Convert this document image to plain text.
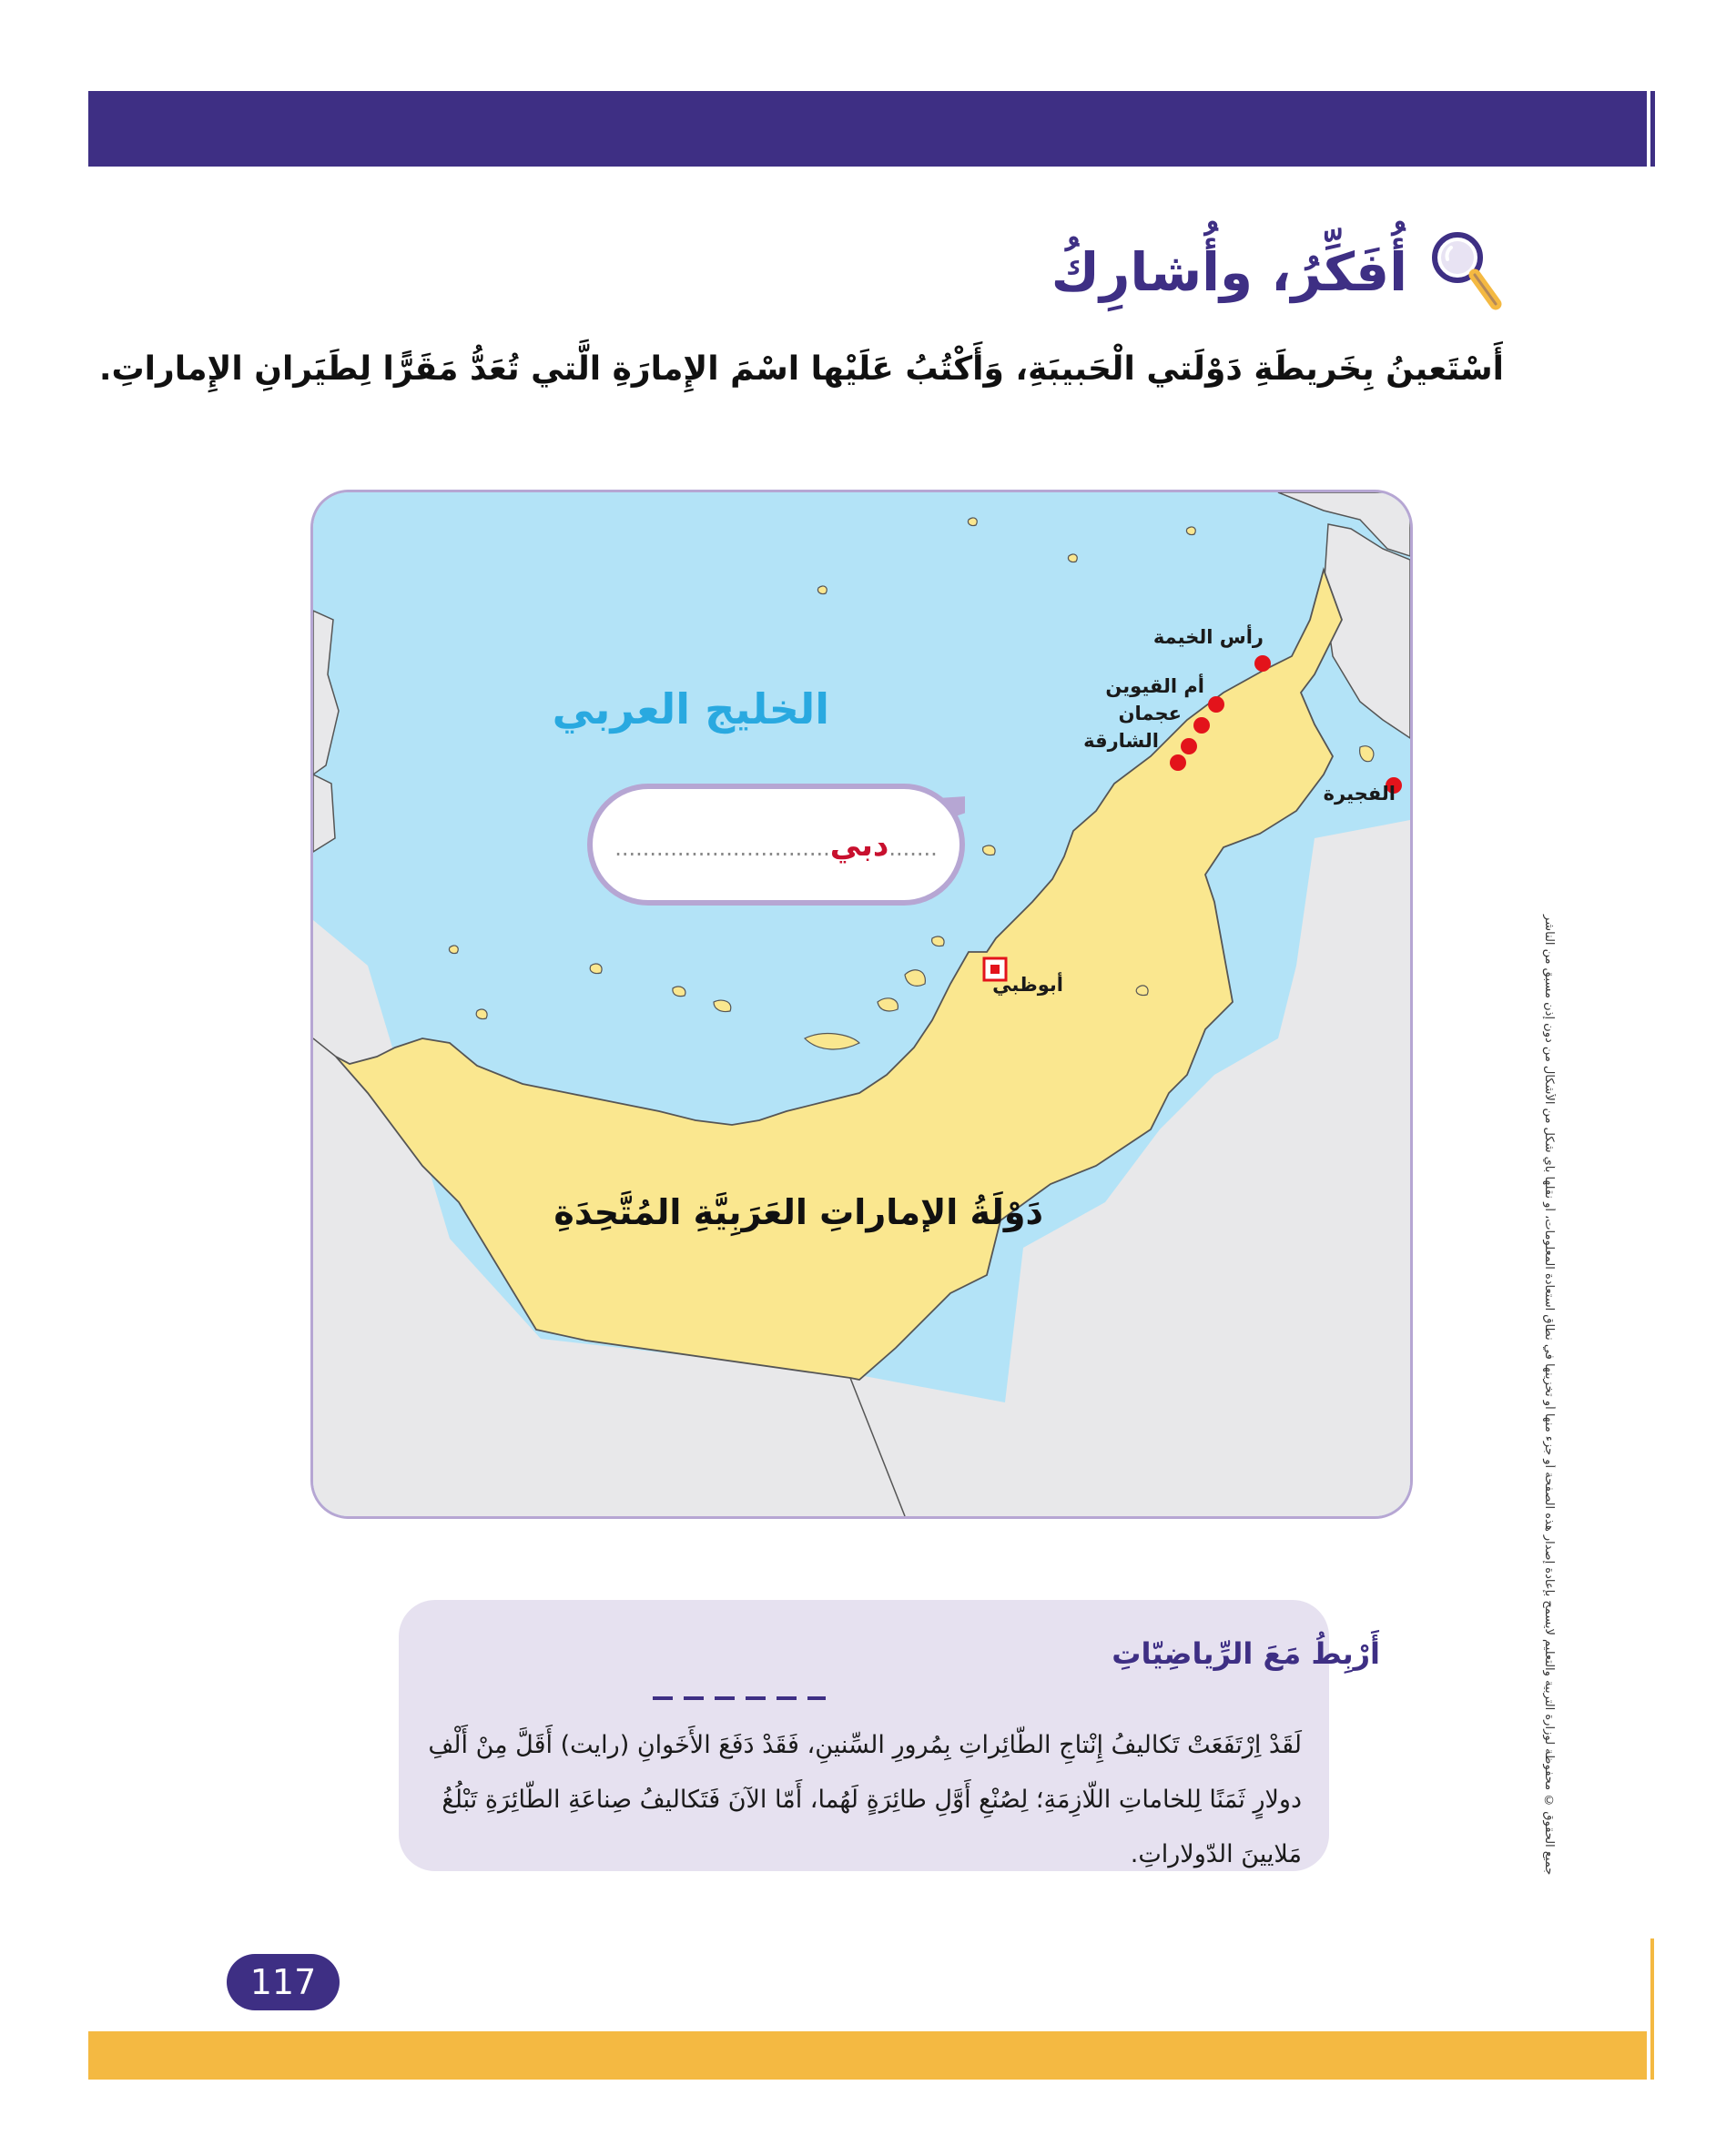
أُفَكِّرُ، وأُشارِكُ

أَسْتَعينُ بِخَريطَةِ دَوْلَتي الْحَبيبَةِ، وَأَكْتُبُ عَلَيْها اسْمَ الإِمارَةِ الَّتي تُعَدُّ مَقَرًّا لِطَيَرانِ الإِماراتِ.

...............................دبي.......

الخليج العربي

دَوْلَةُ الإماراتِ العَرَبِيَّةِ المُتَّحِدَةِ

رأس الخيمة

أم القيوين

عجمان

الشارقة

الفجيرة

أبوظبي

أَرْبِطُ مَعَ الرِّياضِيّاتِ

لَقَدْ اِرْتَفَعَتْ تَكاليفُ إِنْتاجِ الطّائِراتِ بِمُرورِ السِّنينِ، فَقَدْ دَفَعَ الأَخَوانِ (رايت) أَقَلَّ مِنْ أَلْفِ دولارٍ ثَمَنًا لِلخاماتِ اللّازِمَةِ؛ لِصُنْعِ أَوَّلِ طائِرَةٍ لَهُما، أَمّا الآنَ فَتَكاليفُ صِناعَةِ الطّائِرَةِ تَبْلُغُ مَلايينَ الدّولاراتِ.	جميع الحقوق © محفوظة لوزارة التربية والتعليم لايسمح بإعادة إصدار هذه الصفحة أو جزء منها أو تخزينها في نطاق استعادة المعلومات، أو نقلها بأي شكل من الأشكال من دون إذن مسبق من الناشر
117
